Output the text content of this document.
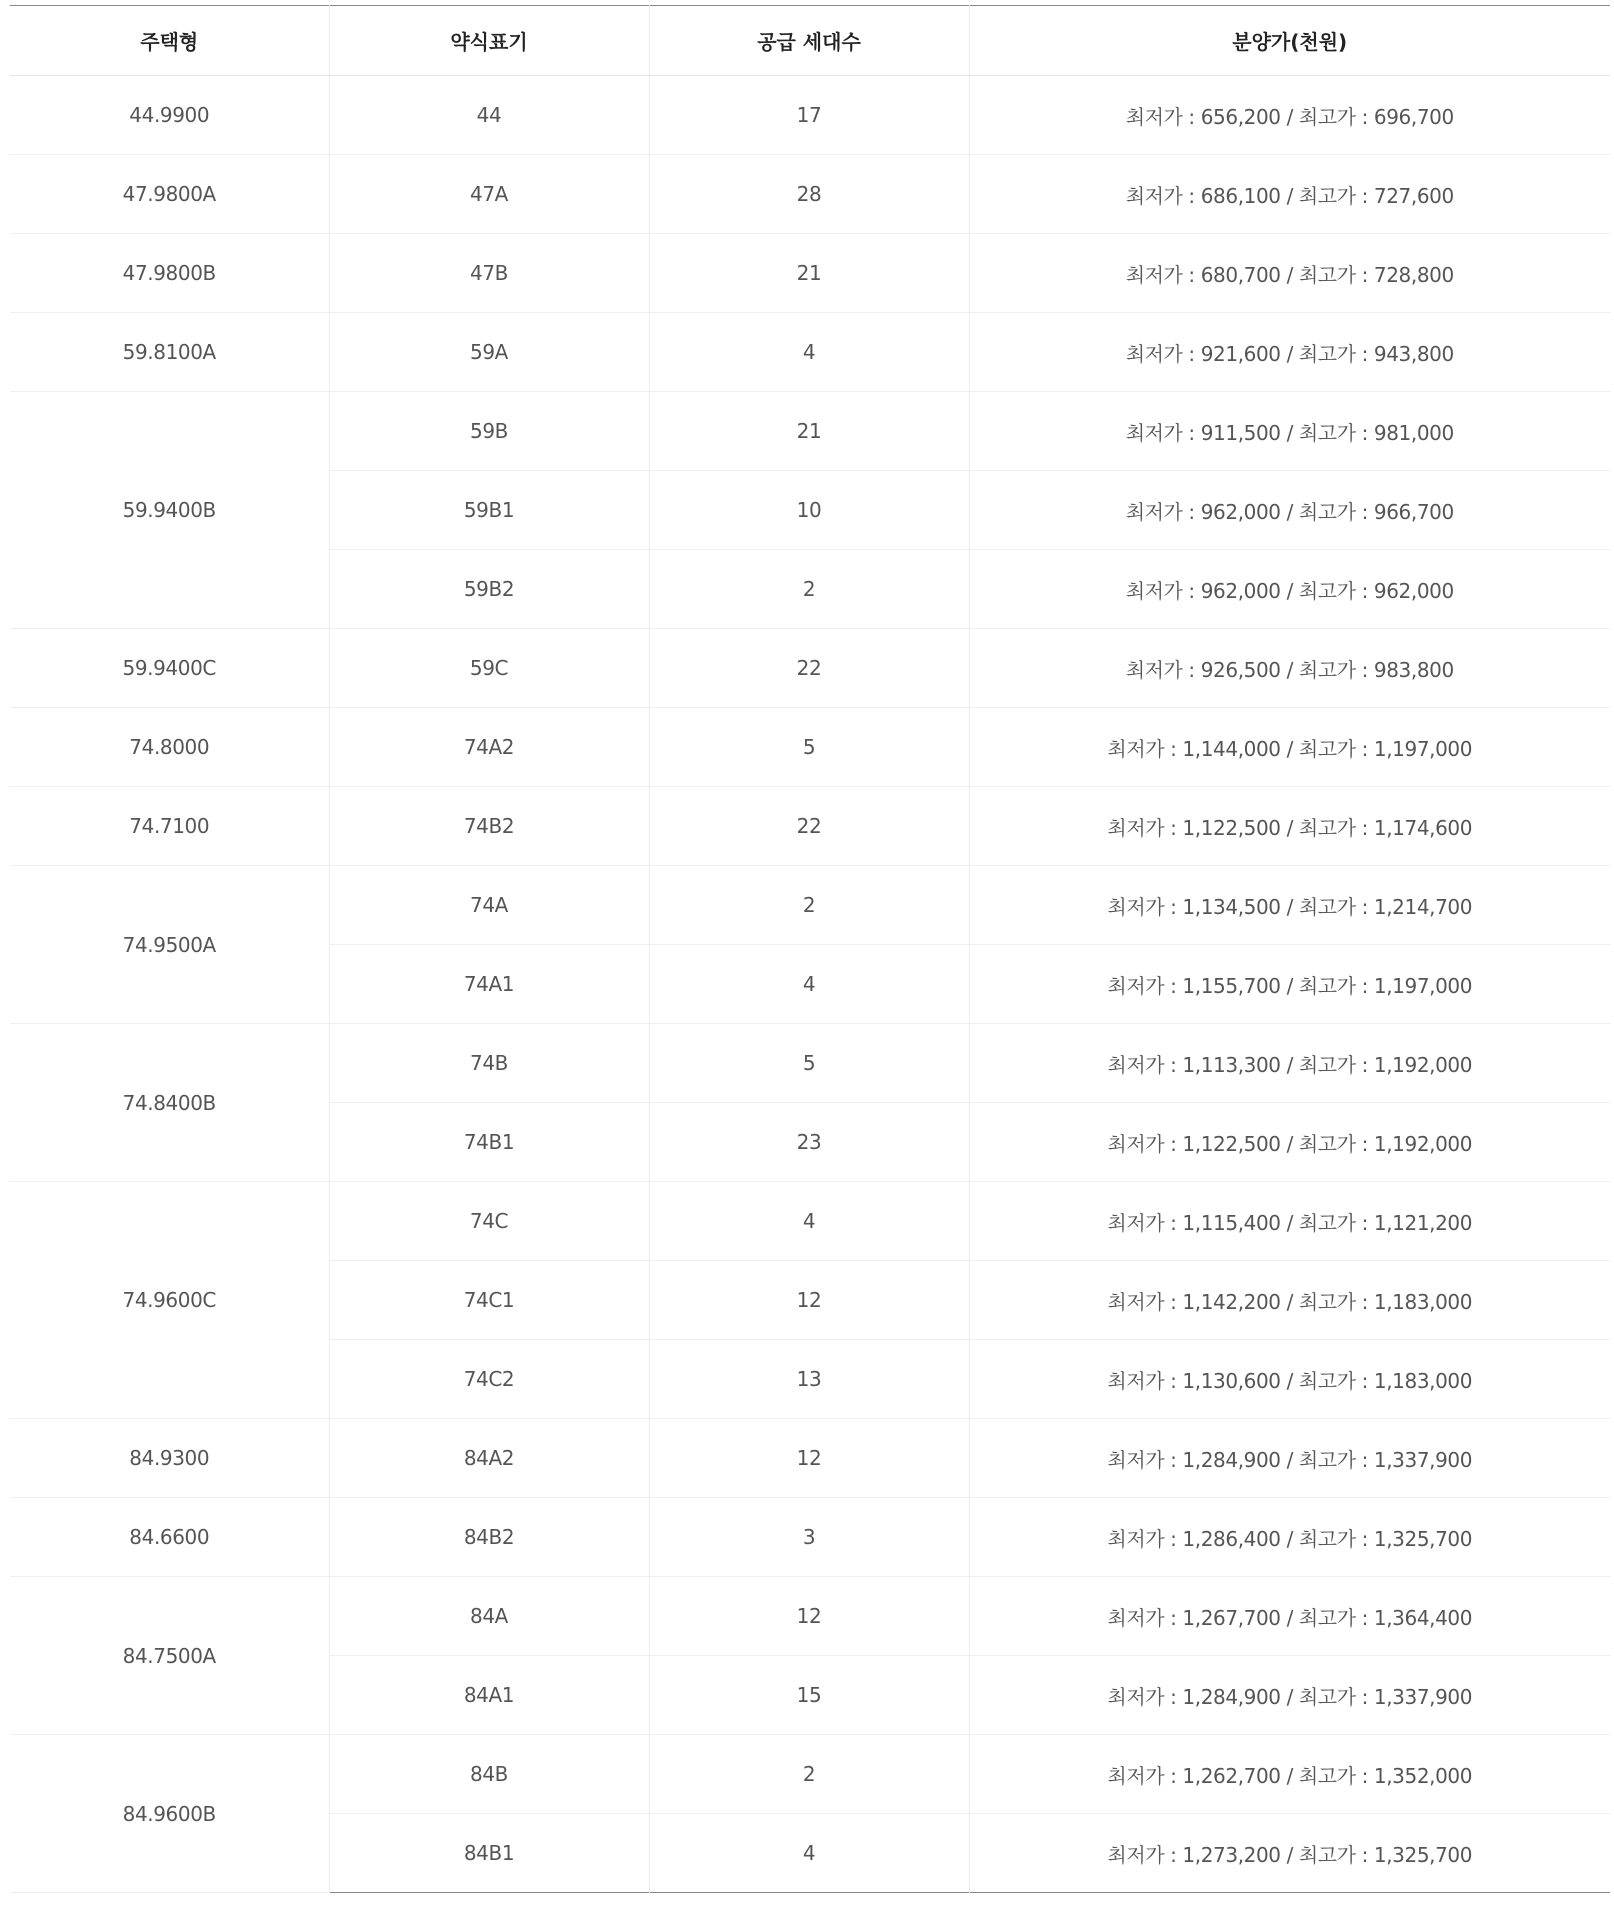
주택형	약식표기	공급 세대수	분양가(천원)
44.9900	44	17	최저가 : 656,200 / 최고가 : 696,700
47.9800A	47A	28	최저가 : 686,100 / 최고가 : 727,600
47.9800B	47B	21	최저가 : 680,700 / 최고가 : 728,800
59.8100A	59A	4	최저가 : 921,600 / 최고가 : 943,800
59.9400B	59B	21	최저가 : 911,500 / 최고가 : 981,000
	59B1	10	최저가 : 962,000 / 최고가 : 966,700
	59B2	2	최저가 : 962,000 / 최고가 : 962,000
59.9400C	59C	22	최저가 : 926,500 / 최고가 : 983,800
74.8000	74A2	5	최저가 : 1,144,000 / 최고가 : 1,197,000
74.7100	74B2	22	최저가 : 1,122,500 / 최고가 : 1,174,600
74.9500A	74A	2	최저가 : 1,134,500 / 최고가 : 1,214,700
	74A1	4	최저가 : 1,155,700 / 최고가 : 1,197,000
74.8400B	74B	5	최저가 : 1,113,300 / 최고가 : 1,192,000
	74B1	23	최저가 : 1,122,500 / 최고가 : 1,192,000
74.9600C	74C	4	최저가 : 1,115,400 / 최고가 : 1,121,200
	74C1	12	최저가 : 1,142,200 / 최고가 : 1,183,000
	74C2	13	최저가 : 1,130,600 / 최고가 : 1,183,000
84.9300	84A2	12	최저가 : 1,284,900 / 최고가 : 1,337,900
84.6600	84B2	3	최저가 : 1,286,400 / 최고가 : 1,325,700
84.7500A	84A	12	최저가 : 1,267,700 / 최고가 : 1,364,400
	84A1	15	최저가 : 1,284,900 / 최고가 : 1,337,900
84.9600B	84B	2	최저가 : 1,262,700 / 최고가 : 1,352,000
	84B1	4	최저가 : 1,273,200 / 최고가 : 1,325,700
